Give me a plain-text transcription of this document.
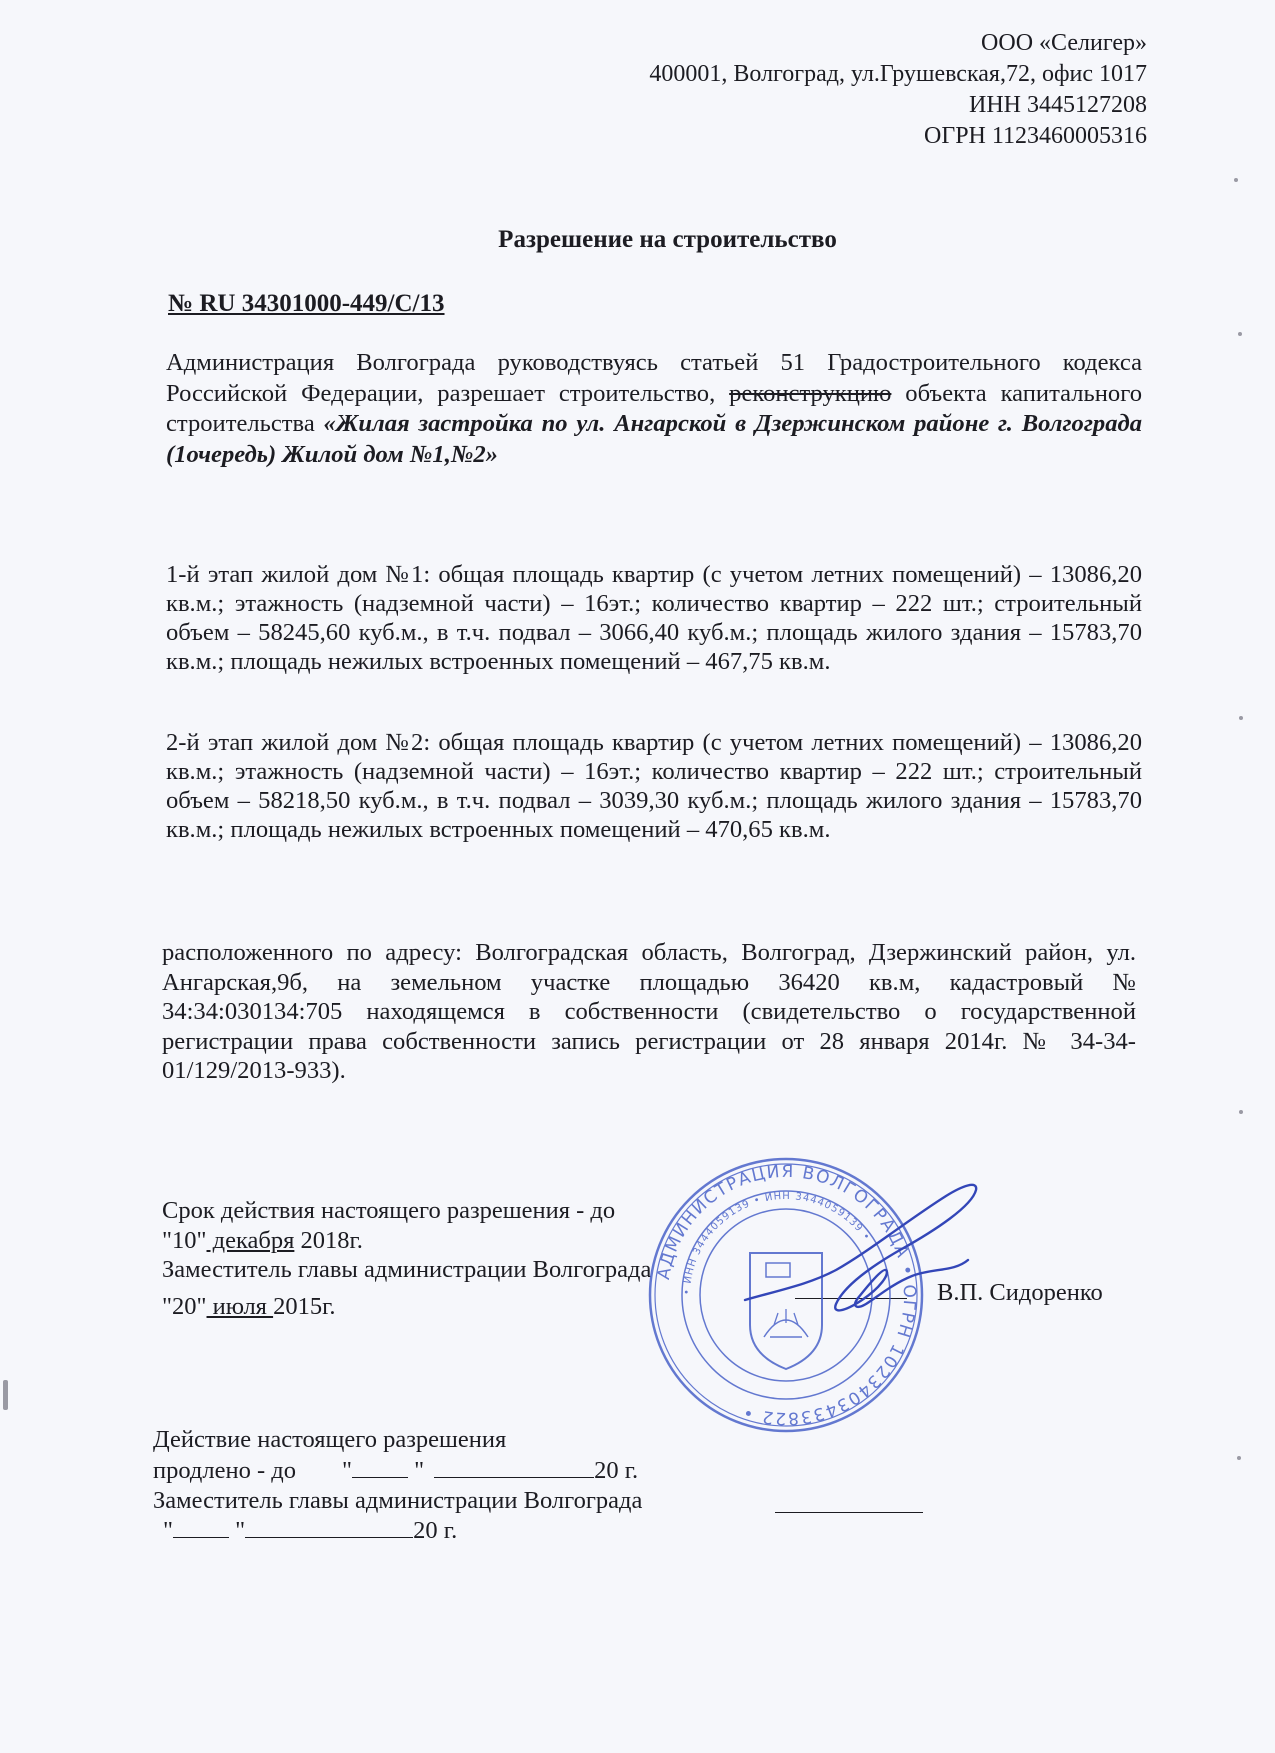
ООО «Селигер»
400001, Волгоград, ул.Грушевская,72, офис 1017
ИНН 3445127208
ОГРН 1123460005316
Разрешение на строительство
№ RU 34301000-449/C/13
Администрация Волгограда руководствуясь статьей 51 Градостроительного кодекса Российской Федерации, разрешает строительство, реконструкцию объекта капитального строительства «Жилая застройка по ул. Ангарской в Дзержинском районе г. Волгограда (1очередь) Жилой дом №1,№2»
1-й этап жилой дом №1: общая площадь квартир (с учетом летних помещений) – 13086,20 кв.м.; этажность (надземной части) – 16эт.; количество квартир – 222 шт.; строительный объем – 58245,60 куб.м., в т.ч. подвал – 3066,40 куб.м.; площадь жилого здания – 15783,70 кв.м.; площадь нежилых встроенных помещений – 467,75 кв.м.
2-й этап жилой дом №2: общая площадь квартир (с учетом летних помещений) – 13086,20 кв.м.; этажность (надземной части) – 16эт.; количество квартир – 222 шт.; строительный объем – 58218,50 куб.м., в т.ч. подвал – 3039,30 куб.м.; площадь жилого здания – 15783,70 кв.м.; площадь нежилых встроенных помещений – 470,65 кв.м.
расположенного по адресу: Волгоградская область, Волгоград, Дзержинский район, ул. Ангарская,9б, на земельном участке площадью 36420 кв.м, кадастровый № 34:34:030134:705 находящемся в собственности (свидетельство о государственной регистрации права собственности запись регистрации от 28 января 2014г. № 34-34-01/129/2013-933).
Срок действия настоящего разрешения - до
"10" декабря 2018г.
Заместитель главы администрации Волгограда
В.П. Сидоренко
"20" июля 2015г.
Действие настоящего разрешения
продлено - до " "	20 г.
Заместитель главы администрации Волгограда
" "	20 г.
АДМИНИСТРАЦИЯ ВОЛГОГРАДА • ОГРН 1023403433822 •
• ИНН 3444059139 • ИНН 3444059139 •
